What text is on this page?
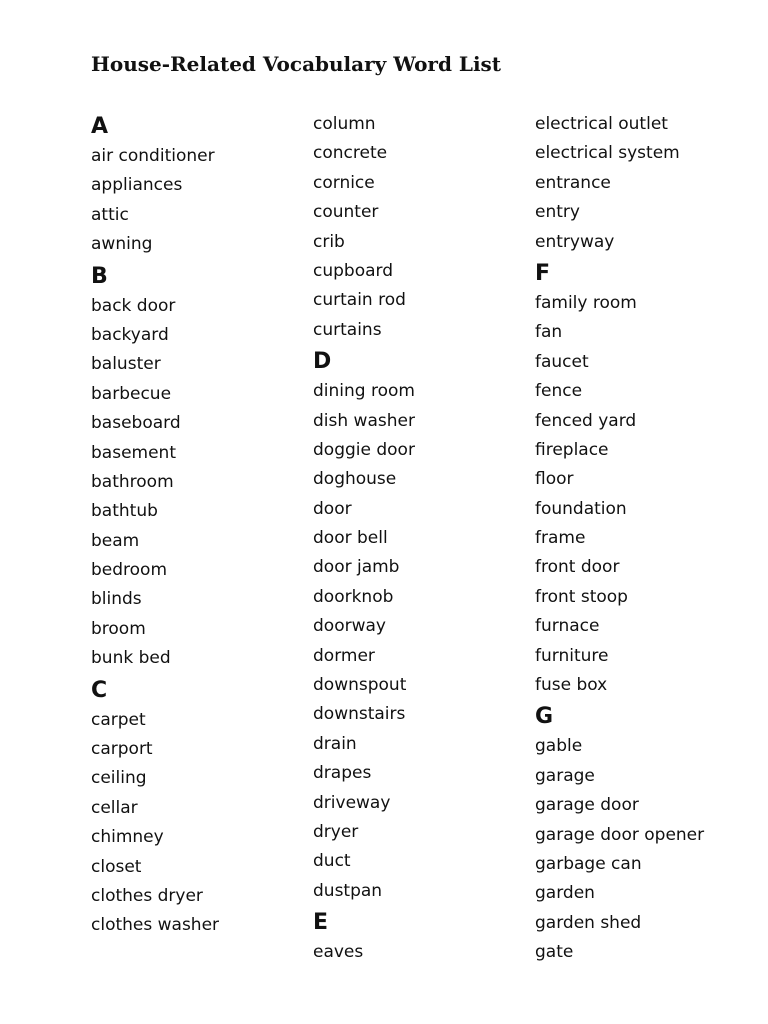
House-Related Vocabulary Word List
A
air conditioner
appliances
attic
awning
B
back door
backyard
baluster
barbecue
baseboard
basement
bathroom
bathtub
beam
bedroom
blinds
broom
bunk bed
C
carpet
carport
ceiling
cellar
chimney
closet
clothes dryer
clothes washer
column
concrete
cornice
counter
crib
cupboard
curtain rod
curtains
D
dining room
dish washer
doggie door
doghouse
door
door bell
door jamb
doorknob
doorway
dormer
downspout
downstairs
drain
drapes
driveway
dryer
duct
dustpan
E
eaves
electrical outlet
electrical system
entrance
entry
entryway
F
family room
fan
faucet
fence
fenced yard
fireplace
floor
foundation
frame
front door
front stoop
furnace
furniture
fuse box
G
gable
garage
garage door
garage door opener
garbage can
garden
garden shed
gate
